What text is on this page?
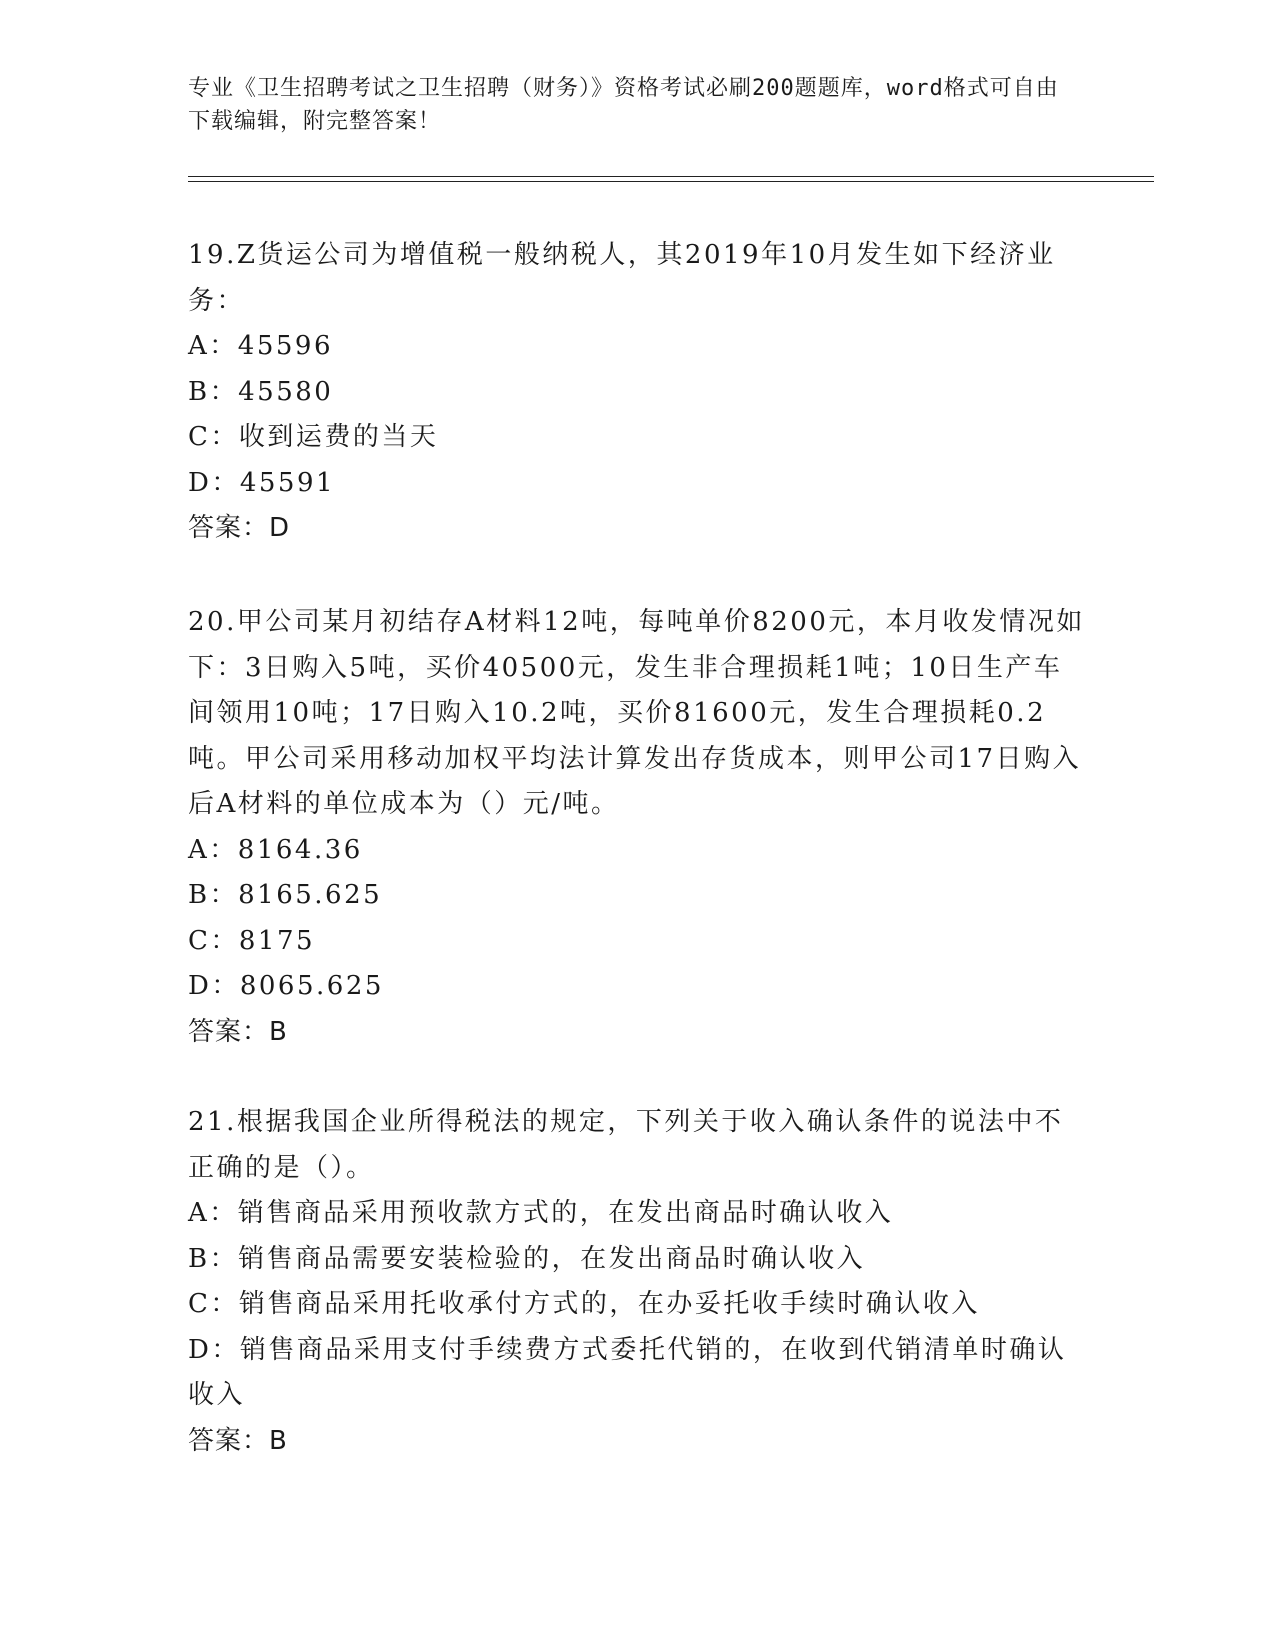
专业《卫生招聘考试之卫生招聘（财务）》资格考试必刷200题题库，word格式可自由下载编辑，附完整答案！

19.Z货运公司为增值税一般纳税人，其2019年10月发生如下经济业务：

A：45596

B：45580

C：收到运费的当天

D：45591

答案：D

20.甲公司某月初结存A材料12吨，每吨单价8200元，本月收发情况如下：3日购入5吨，买价40500元，发生非合理损耗1吨；10日生产车间领用10吨；17日购入10.2吨，买价81600元，发生合理损耗0.2吨。甲公司采用移动加权平均法计算发出存货成本，则甲公司17日购入后A材料的单位成本为（）元/吨。

A：8164.36

B：8165.625

C：8175

D：8065.625

答案：B

21.根据我国企业所得税法的规定，下列关于收入确认条件的说法中不正确的是（）。

A：销售商品采用预收款方式的，在发出商品时确认收入

B：销售商品需要安装检验的，在发出商品时确认收入

C：销售商品采用托收承付方式的，在办妥托收手续时确认收入

D：销售商品采用支付手续费方式委托代销的，在收到代销清单时确认收入

答案：B
